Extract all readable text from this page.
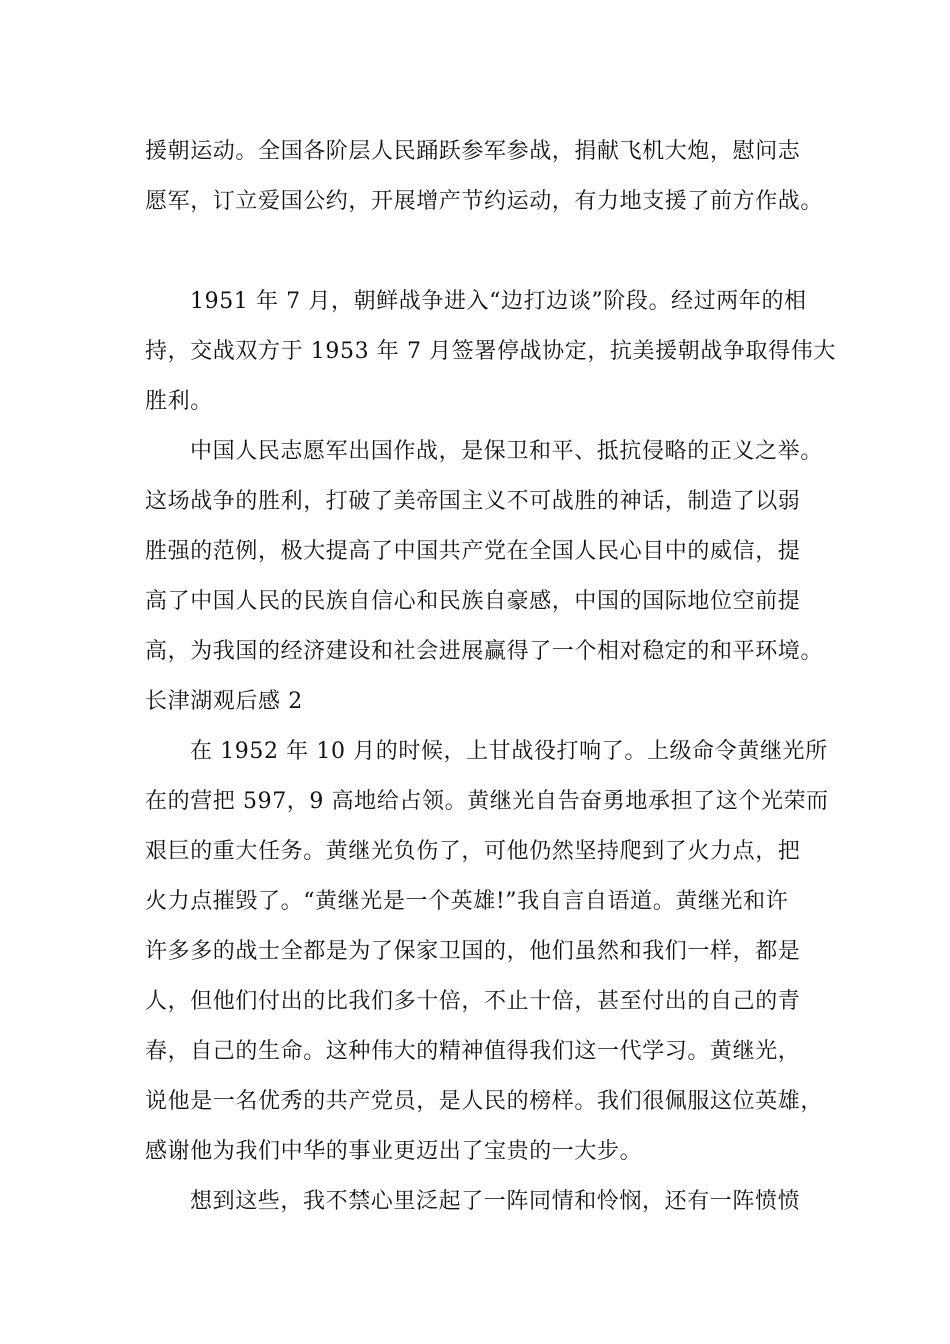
援朝运动。全国各阶层人民踊跃参军参战，捐献飞机大炮，慰问志
愿军，订立爱国公约，开展增产节约运动，有力地支援了前方作战。
1951 年 7 月，朝鲜战争进入“边打边谈”阶段。经过两年的相
持，交战双方于 1953 年 7 月签署停战协定，抗美援朝战争取得伟大
胜利。
中国人民志愿军出国作战，是保卫和平、抵抗侵略的正义之举。
这场战争的胜利，打破了美帝国主义不可战胜的神话，制造了以弱
胜强的范例，极大提高了中国共产党在全国人民心目中的威信，提
高了中国人民的民族自信心和民族自豪感，中国的国际地位空前提
高，为我国的经济建设和社会进展赢得了一个相对稳定的和平环境。
长津湖观后感 2
在 1952 年 10 月的时候，上甘战役打响了。上级命令黄继光所
在的营把 597，9 高地给占领。黄继光自告奋勇地承担了这个光荣而
艰巨的重大任务。黄继光负伤了，可他仍然坚持爬到了火力点，把
火力点摧毁了。“黄继光是一个英雄!”我自言自语道。黄继光和许
许多多的战士全都是为了保家卫国的，他们虽然和我们一样，都是
人，但他们付出的比我们多十倍，不止十倍，甚至付出的自己的青
春，自己的生命。这种伟大的精神值得我们这一代学习。黄继光，
说他是一名优秀的共产党员，是人民的榜样。我们很佩服这位英雄，
感谢他为我们中华的事业更迈出了宝贵的一大步。
想到这些，我不禁心里泛起了一阵同情和怜悯，还有一阵愤愤
